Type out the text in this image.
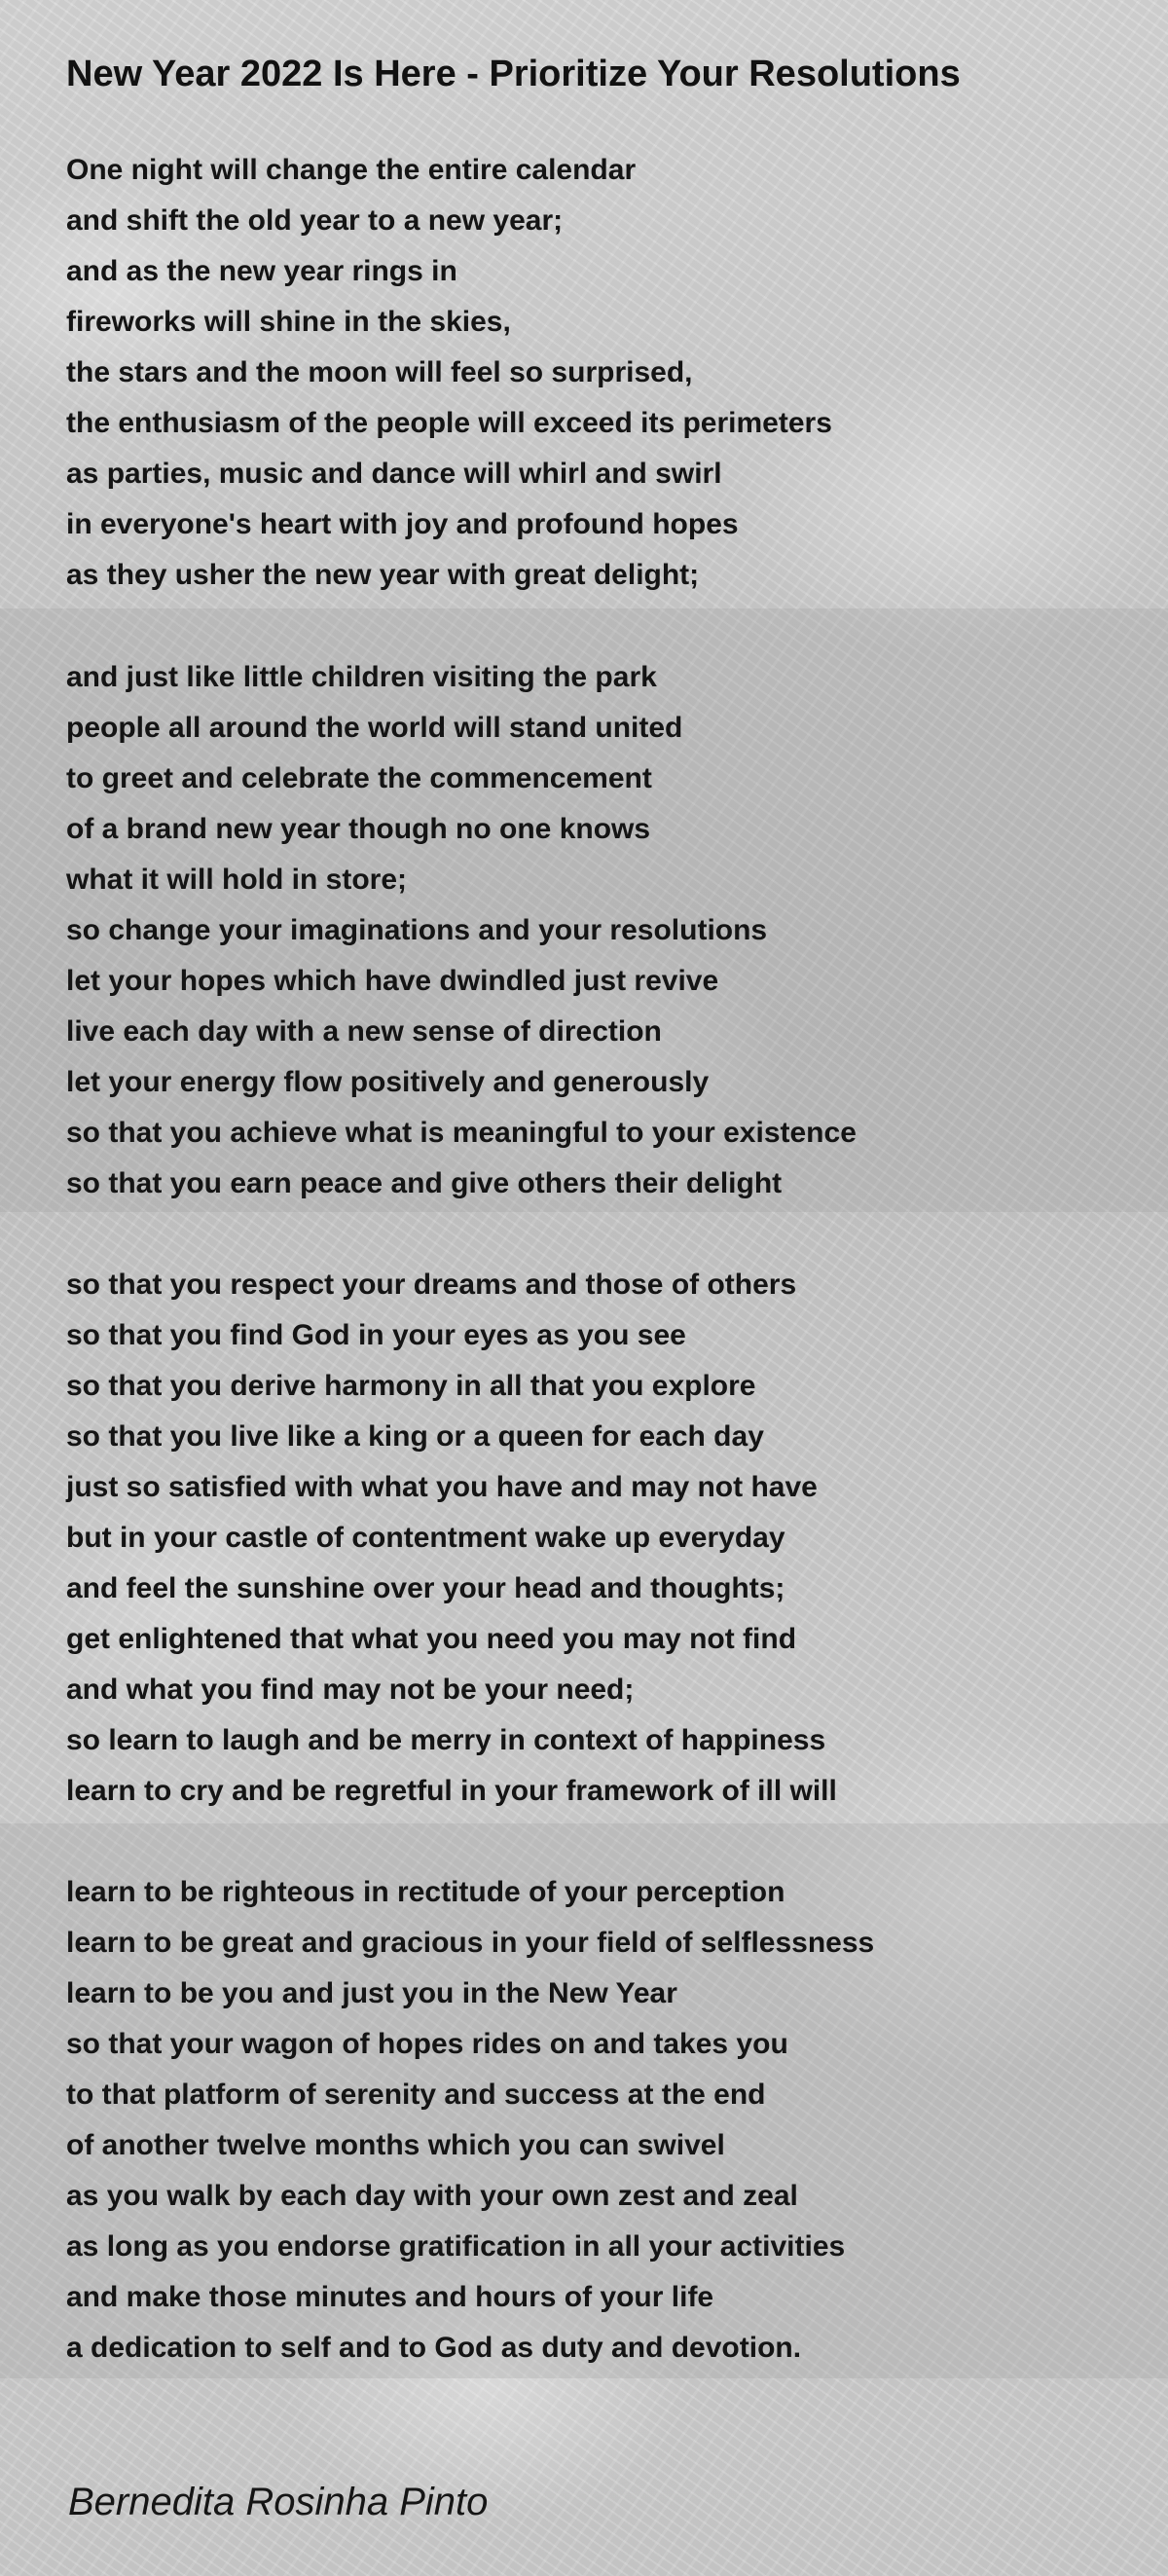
New Year 2022 Is Here - Prioritize Your Resolutions
One night will change the entire calendar
and shift the old year to a new year;
and as the new year rings in
fireworks will shine in the skies,
the stars and the moon will feel so surprised,
the enthusiasm of the people will exceed its perimeters
as parties, music and dance will whirl and swirl
in everyone's heart with joy and profound hopes
as they usher the new year with great delight;
and just like little children visiting the park
people all around the world will stand united
to greet and celebrate the commencement
of a brand new year though no one knows
what it will hold in store;
so change your imaginations and your resolutions
let your hopes which have dwindled just revive
live each day with a new sense of direction
let your energy flow positively and generously
so that you achieve what is meaningful to your existence
so that you earn peace and give others their delight
so that you respect your dreams and those of others
so that you find God in your eyes as you see
so that you derive harmony in all that you explore
so that you live like a king or a queen for each day
just so satisfied with what you have and may not have
but in your castle of contentment wake up everyday
and feel the sunshine over your head and thoughts;
get enlightened that what you need you may not find
and what you find may not be your need;
so learn to laugh and be merry in context of happiness
learn to cry and be regretful in your framework of ill will
learn to be righteous in rectitude of your perception
learn to be great and gracious in your field of selflessness
learn to be you and just you in the New Year
so that your wagon of hopes rides on and takes you
to that platform of serenity and success at the end
of another twelve months which you can swivel
as you walk by each day with your own zest and zeal
as long as you endorse gratification in all your activities
and make those minutes and hours of your life
a dedication to self and to God as duty and devotion.
Bernedita Rosinha Pinto
